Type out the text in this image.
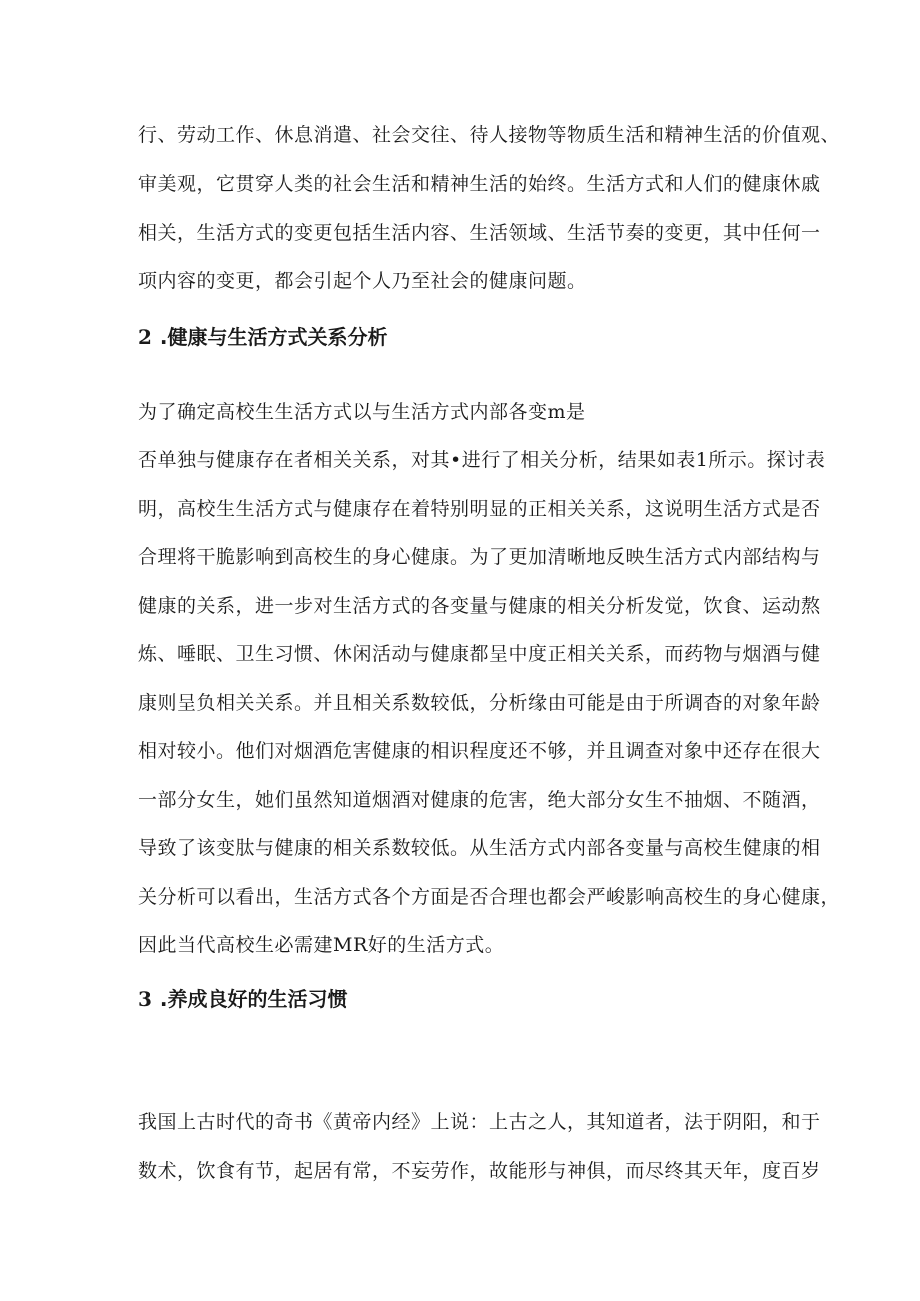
行、劳动工作、休息消遣、社会交往、待人接物等物质生活和精神生活的价值观、
审美观，它贯穿人类的社会生活和精神生活的始终。生活方式和人们的健康休戚
相关，生活方式的变更包括生活内容、生活领域、生活节奏的变更，其中任何一
项内容的变更，都会引起个人乃至社会的健康问题。
2 .健康与生活方式关系分析
为了确定高校生生活方式以与生活方式内部各变m是
否单独与健康存在者相关关系，对其•进行了相关分析，结果如表1所示。探讨表
明，高校生生活方式与健康存在着特别明显的正相关关系，这说明生活方式是否
合理将干脆影响到高校生的身心健康。为了更加清晰地反映生活方式内部结构与
健康的关系，进一步对生活方式的各变量与健康的相关分析发觉，饮食、运动熬
炼、唾眠、卫生习惯、休闲活动与健康都呈中度正相关关系，而药物与烟酒与健
康则呈负相关关系。并且相关系数较低，分析缘由可能是由于所调杳的对象年龄
相对较小。他们对烟酒危害健康的相识程度还不够，并且调查对象中还存在很大
一部分女生，她们虽然知道烟酒对健康的危害，绝大部分女生不抽烟、不随酒，
导致了该变肽与健康的相关系数较低。从生活方式内部各变量与高校生健康的相
关分析可以看出，生活方式各个方面是否合理也都会严峻影响高校生的身心健康，
因此当代高校生必需建MR好的生活方式。
3 .养成良好的生活习惯
我国上古时代的奇书《黄帝内经》上说：上古之人，其知道者，法于阴阳，和于
数术，饮食有节，起居有常，不妄劳作，故能形与神俱，而尽终其天年，度百岁
